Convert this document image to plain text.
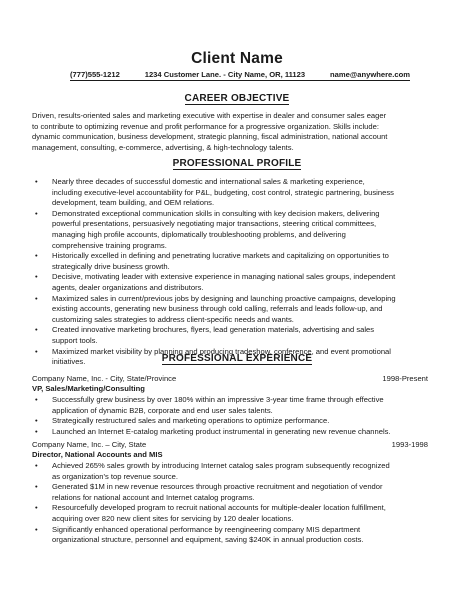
Client Name
(777)555-1212	1234 Customer Lane. - City Name, OR, 11123	name@anywhere.com
CAREER OBJECTIVE
Driven, results-oriented sales and marketing executive with expertise in dealer and consumer sales eager
to contribute to optimizing revenue and profit performance for a progressive organization. Skills include:
dynamic communication, business development, strategic planning, fiscal administration, national account
management, consulting, e-commerce, advertising, & high-technology talents.
PROFESSIONAL PROFILE
• Nearly three decades of successful domestic and international sales & marketing experience,
including executive-level accountability for P&L, budgeting, cost control, strategic partnering, business
development, team building, and OEM relations.
• Demonstrated exceptional communication skills in consulting with key decision makers, delivering
powerful presentations, persuasively negotiating major transactions, steering critical committees,
managing high profile accounts, diplomatically troubleshooting problems, and delivering
comprehensive training programs.
• Historically excelled in defining and penetrating lucrative markets and capitalizing on opportunities to
strategically drive business growth.
• Decisive, motivating leader with extensive experience in managing national sales groups, independent
agents, dealer organizations and distributors.
• Maximized sales in current/previous jobs by designing and launching proactive campaigns, developing
existing accounts, generating new business through cold calling, referrals and leads follow-up, and
customizing sales strategies to address client-specific needs and wants.
• Created innovative marketing brochures, flyers, lead generation materials, advertising and sales
support tools.
• Maximized market visibility by planning and producing tradeshow, conference, and event promotional
initiatives.	PROFESSIONAL EXPERIENCE
Company Name, Inc. - City, State/Province	1998-Present
VP, Sales/Marketing/Consulting
• Successfully grew business by over 180% within an impressive 3-year time frame through effective
application of dynamic B2B, corporate and end user sales talents.
• Strategically restructured sales and marketing operations to optimize performance.
• Launched an Internet E-catalog marketing product instrumental in generating new revenue channels.
Company Name, Inc. – City, State	1993-1998
Director, National Accounts and MIS
• Achieved 265% sales growth by introducing Internet catalog sales program subsequently recognized
as organization's top revenue source.
• Generated $1M in new revenue resources through proactive recruitment and negotiation of vendor
relations for national account and Internet catalog programs.
• Resourcefully developed program to recruit national accounts for multiple-dealer location fulfillment,
acquiring over 820 new client sites for servicing by 120 dealer locations.
• Significantly enhanced operational performance by reengineering company MIS department
organizational structure, personnel and equipment, saving $240K in annual production costs.
